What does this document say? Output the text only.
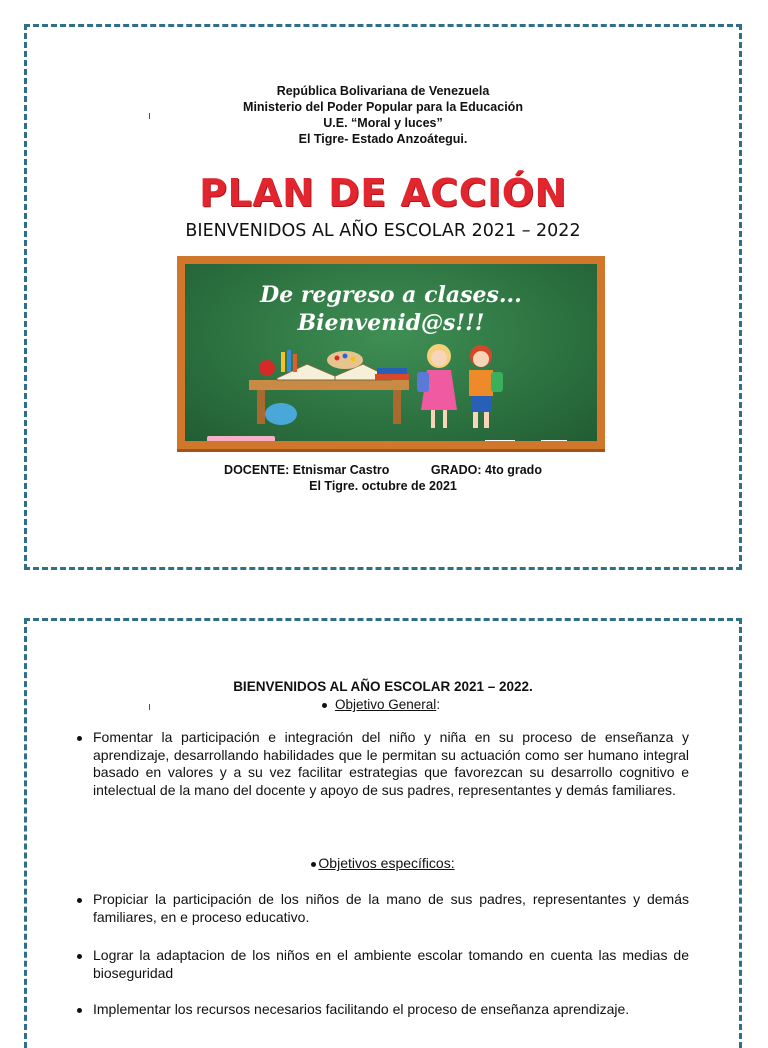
República Bolivariana de Venezuela
Ministerio del Poder Popular para la Educación
U.E. “Moral y luces”
El Tigre- Estado Anzoátegui.
PLAN DE ACCIÓN
BIENVENIDOS AL AÑO ESCOLAR 2021 – 2022
De regreso a clases...
Bienvenid@s!!!
DOCENTE: Etnismar Castro	GRADO: 4to grado
El Tigre. octubre de 2021
BIENVENIDOS AL AÑO ESCOLAR 2021 – 2022.
Objetivo General:
Fomentar la participación e integración del niño y niña en su proceso de enseñanza y aprendizaje, desarrollando habilidades que le permitan su actuación como ser humano integral basado en valores y a su vez facilitar estrategias que favorezcan su desarrollo cognitivo e intelectual de la mano del docente y apoyo de sus padres, representantes y demás familiares.
Objetivos específicos:
Propiciar la participación de los niños de la mano de sus padres, representantes y demás familiares, en e proceso educativo.
Lograr la adaptacion de los niños en el ambiente escolar tomando en cuenta las medias de bioseguridad
Implementar los recursos necesarios facilitando el proceso de enseñanza aprendizaje.
